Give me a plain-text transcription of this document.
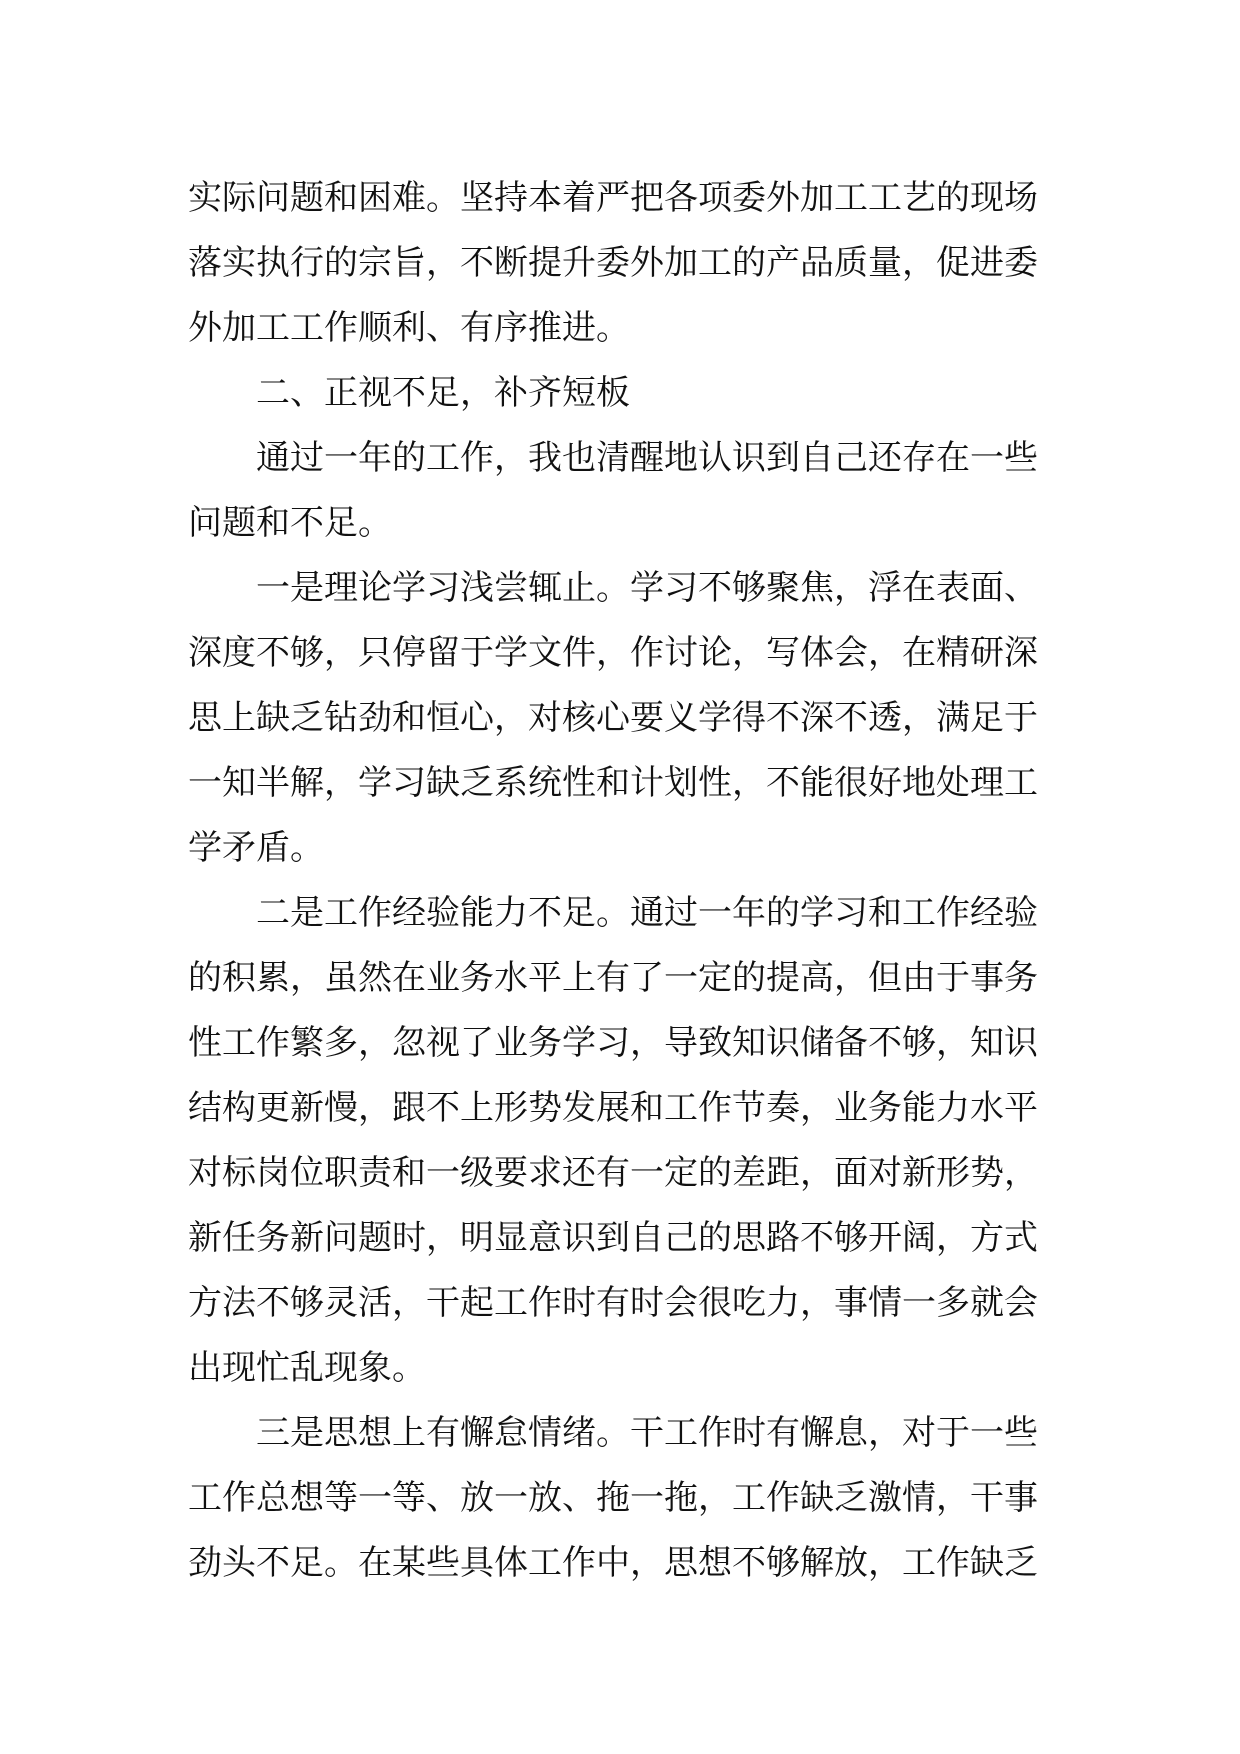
实际问题和困难。坚持本着严把各项委外加工工艺的现场
落实执行的宗旨，不断提升委外加工的产品质量，促进委
外加工工作顺利、有序推进。
二、正视不足，补齐短板
通过一年的工作，我也清醒地认识到自己还存在一些
问题和不足。
一是理论学习浅尝辄止。学习不够聚焦，浮在表面、
深度不够，只停留于学文件，作讨论，写体会，在精研深
思上缺乏钻劲和恒心，对核心要义学得不深不透，满足于
一知半解，学习缺乏系统性和计划性，不能很好地处理工
学矛盾。
二是工作经验能力不足。通过一年的学习和工作经验
的积累，虽然在业务水平上有了一定的提高，但由于事务
性工作繁多，忽视了业务学习，导致知识储备不够，知识
结构更新慢，跟不上形势发展和工作节奏，业务能力水平
对标岗位职责和一级要求还有一定的差距，面对新形势，
新任务新问题时，明显意识到自己的思路不够开阔，方式
方法不够灵活，干起工作时有时会很吃力，事情一多就会
出现忙乱现象。
三是思想上有懈怠情绪。干工作时有懈息，对于一些
工作总想等一等、放一放、拖一拖，工作缺乏激情，干事
劲头不足。在某些具体工作中，思想不够解放，工作缺乏
